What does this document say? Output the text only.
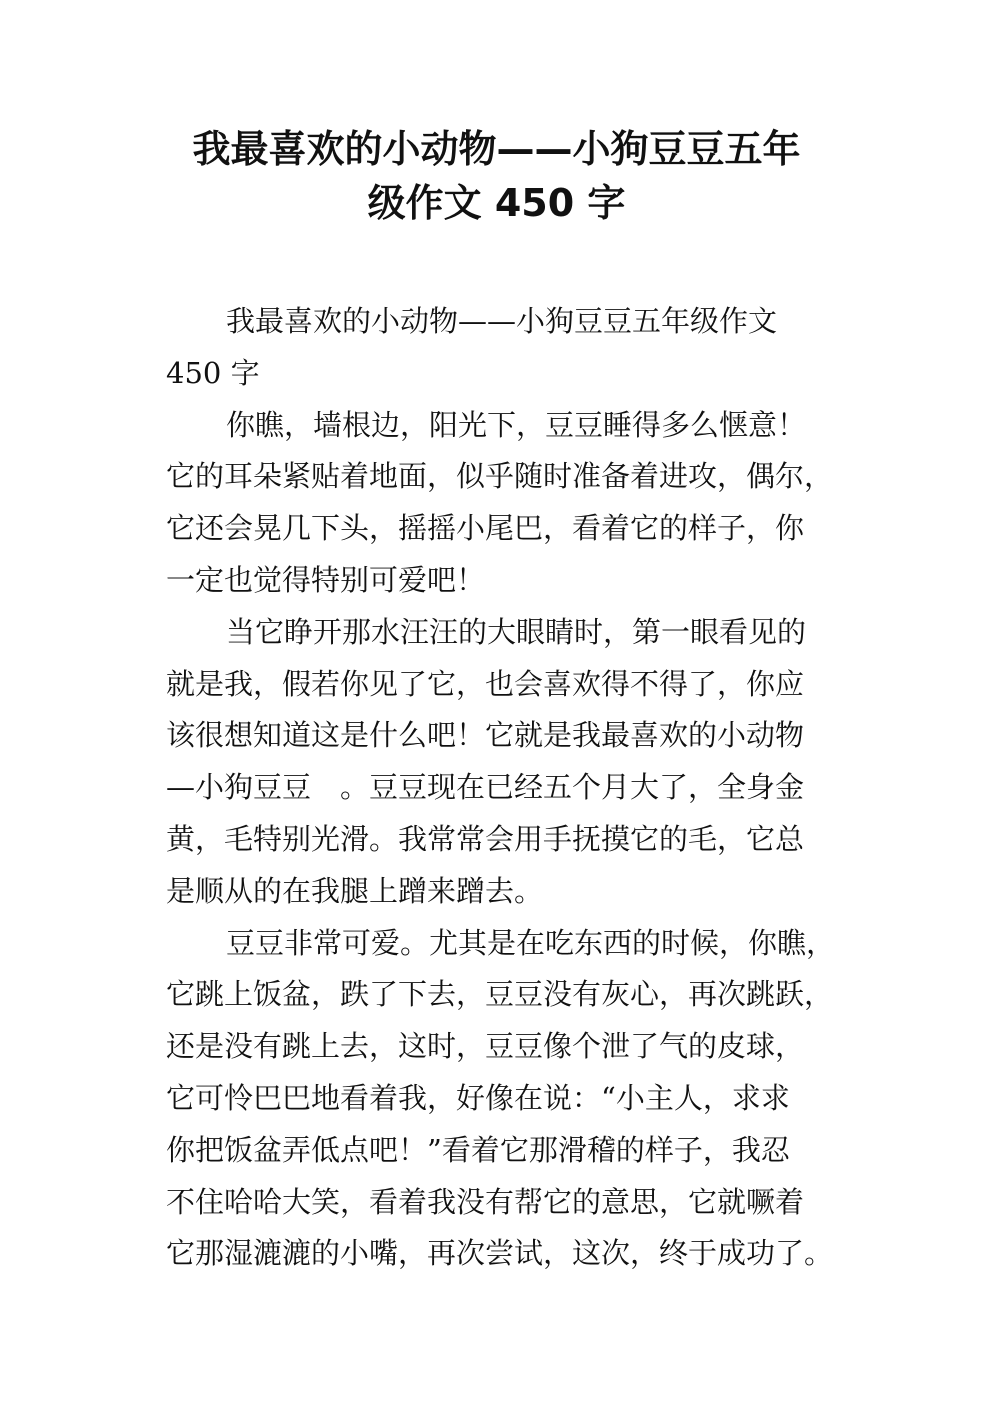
我最喜欢的小动物——小狗豆豆五年
级作文 450 字

我最喜欢的小动物——小狗豆豆五年级作文
450 字

你瞧，墙根边，阳光下，豆豆睡得多么惬意！
它的耳朵紧贴着地面，似乎随时准备着进攻，偶尔，
它还会晃几下头，摇摇小尾巴，看着它的样子，你
一定也觉得特别可爱吧！

当它睁开那水汪汪的大眼睛时，第一眼看见的
就是我，假若你见了它，也会喜欢得不得了，你应
该很想知道这是什么吧！它就是我最喜欢的小动物
—小狗豆豆　。豆豆现在已经五个月大了，全身金
黄，毛特别光滑。我常常会用手抚摸它的毛，它总
是顺从的在我腿上蹭来蹭去。

豆豆非常可爱。尤其是在吃东西的时候，你瞧，
它跳上饭盆，跌了下去，豆豆没有灰心，再次跳跃，
还是没有跳上去，这时，豆豆像个泄了气的皮球，
它可怜巴巴地看着我，好像在说：“小主人，求求
你把饭盆弄低点吧！”看着它那滑稽的样子，我忍
不住哈哈大笑，看着我没有帮它的意思，它就噘着
它那湿漉漉的小嘴，再次尝试，这次，终于成功了。
